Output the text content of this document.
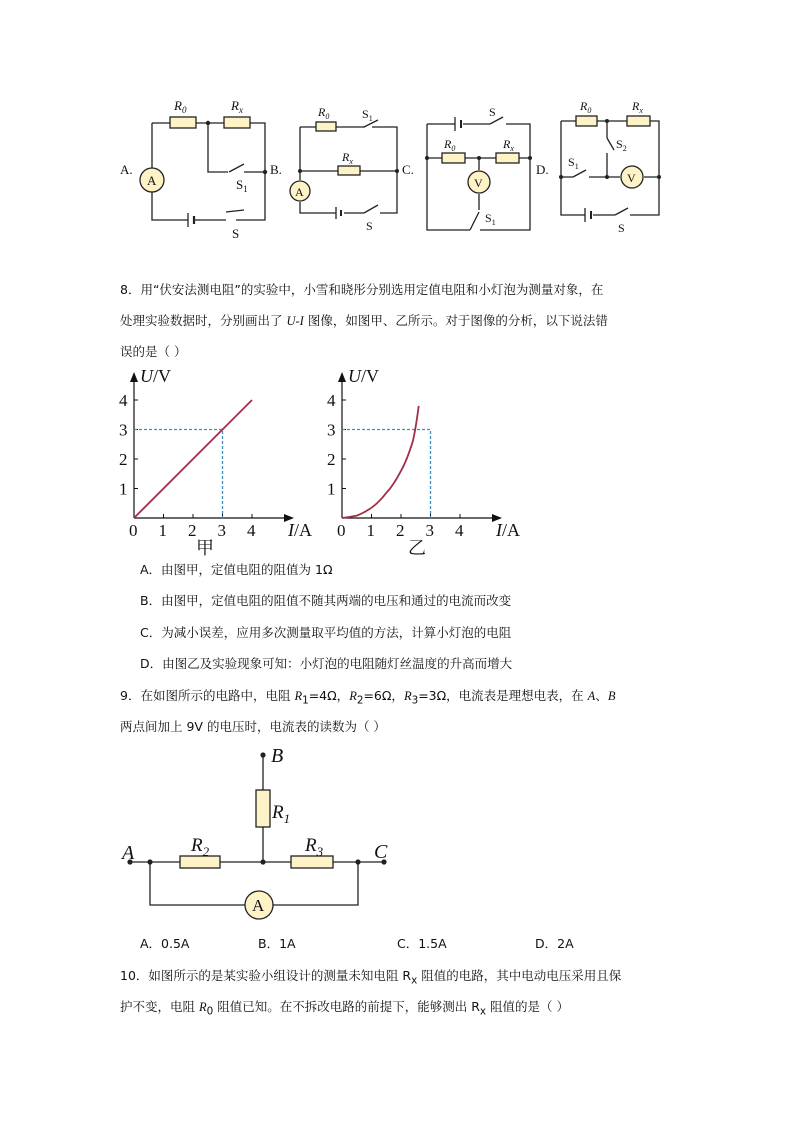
A.
A
$R_0$	$R_x$
$S_1$
S
B.
A
$R_0$	$S_1$
$R_x$
S
C.
V
S
$R_0$	$R_x$
$S_1$
D.
V
$R_0$	$R_x$
$S_2$
$S_1$
S
8．用“伏安法测电阻”的实验中，小雪和晓彤分别选用定值电阻和小灯泡为测量对象，在
处理实验数据时，分别画出了 U-I 图像，如图甲、乙所示。对于图像的分析，以下说法错
误的是（ ）
0 1 2 3 4
1
2
3
4
U/V
I/A
甲
0 1 2 3 4
1
2
3
4
U/V
I/A
乙
A．由图甲，定值电阻的阻值为 1Ω
B．由图甲，定值电阻的阻值不随其两端的电压和通过的电流而改变
C．为减小误差，应用多次测量取平均值的方法，计算小灯泡的电阻
D．由图乙及实验现象可知：小灯泡的电阻随灯丝温度的升高而增大
9．在如图所示的电路中，电阻 $R_1=4\Omega$，$R_2=6\Omega$，$R_3=3\Omega$，电流表是理想电表，在 A、B
两点间加上 9V 的电压时，电流表的读数为（ ）
A
B
$R_1$
A	$R_2$	$R_3$	C
A．0.5A	B．1A	C．1.5A	D．2A
10．如图所示的是某实验小组设计的测量未知电阻 $R_x$ 阻值的电路，其中电动电压采用且保
护不变，电阻 $R_0$ 阻值已知。在不拆改电路的前提下，能够测出 $R_x$ 阻值的是（ ）
